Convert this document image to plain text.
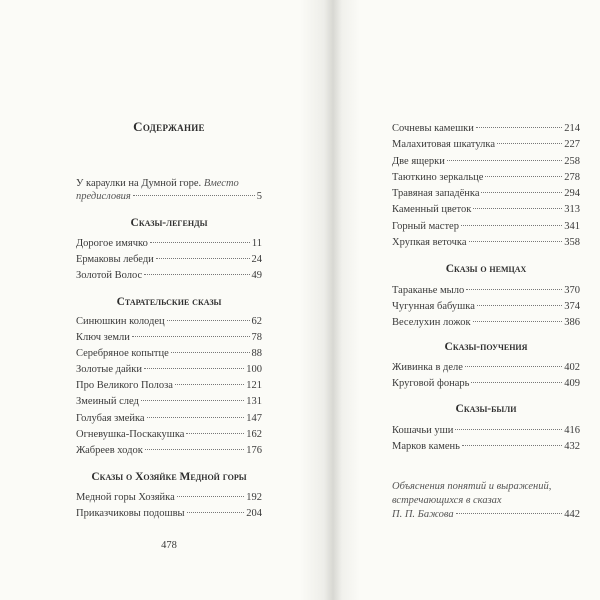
Содержание
У караулки на Думной горе. Вместо
предисловия	5
Сказы-легенды
Дорогое имячко	11
Ермаковы лебеди	24
Золотой Волос	49
Старательские сказы
Синюшкин колодец	62
Ключ земли	78
Серебряное копытце	88
Золотые дайки	100
Про Великого Полоза	121
Змеиный след	131
Голубая змейка	147
Огневушка-Поскакушка	162
Жабреев ходок	176
Сказы о Хозяйке Медной горы
Медной горы Хозяйка	192
Приказчиковы подошвы	204
478
Сочневы камешки	214
Малахитовая шкатулка	227
Две ящерки	258
Таюткино зеркальце	278
Травяная западёнка	294
Каменный цветок	313
Горный мастер	341
Хрупкая веточка	358
Сказы о немцах
Тараканье мыло	370
Чугунная бабушка	374
Веселухин ложок	386
Сказы-поучения
Живинка в деле	402
Круговой фонарь	409
Сказы-были
Кошачьи уши	416
Марков камень	432
Объяснения понятий и выражений,
встречающихся в сказах
П. П. Бажова	442
